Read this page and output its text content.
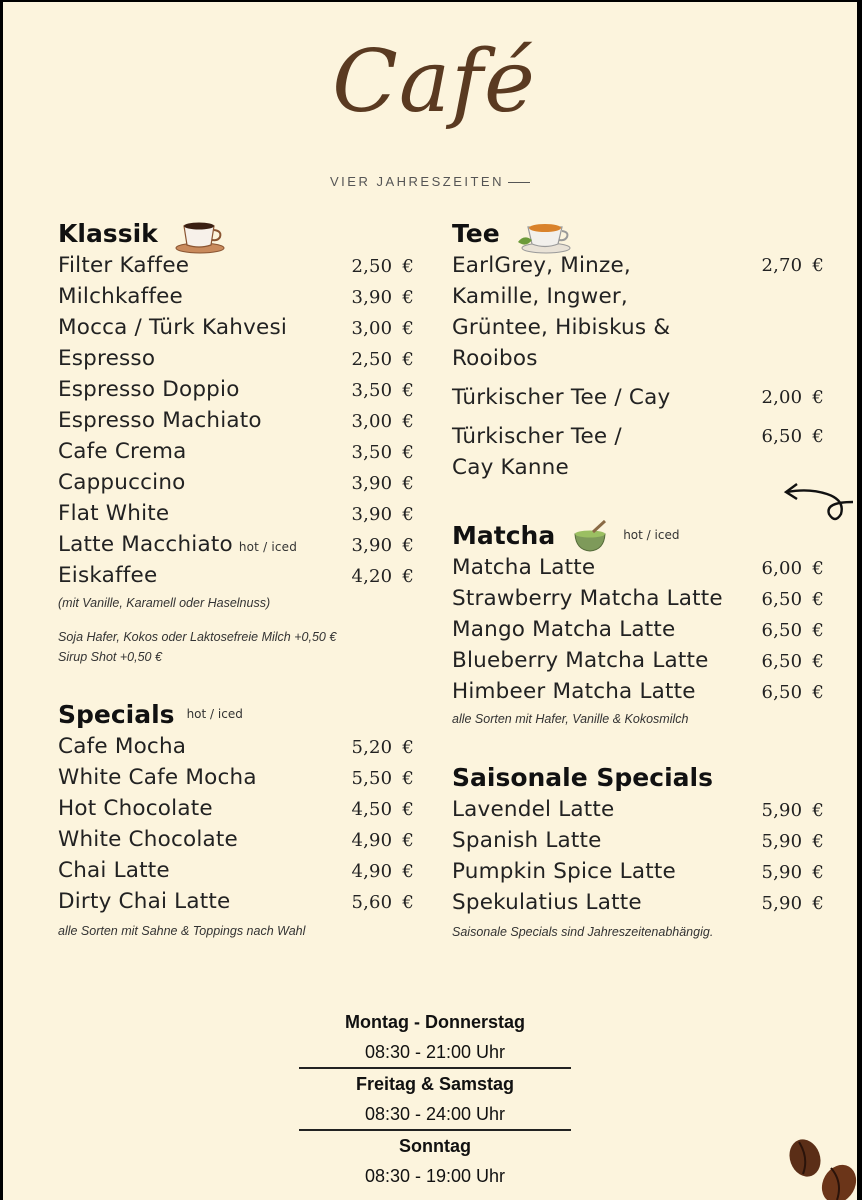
Café
VIER JAHRESZEITEN
Klassik
Filter Kaffee	2,50 €
Milchkaffee	3,90 €
Mocca / Türk Kahvesi	3,00 €
Espresso	2,50 €
Espresso Doppio	3,50 €
Espresso Machiato	3,00 €
Cafe Crema	3,50 €
Cappuccino	3,90 €
Flat White	3,90 €
Latte Macchiato hot / iced	3,90 €
Eiskaffee	4,20 €
(mit Vanille, Karamell oder Haselnuss)
Soja Hafer, Kokos oder Laktosefreie Milch +0,50 €
Sirup Shot +0,50 €
Specials hot / iced
Cafe Mocha	5,20 €
White Cafe Mocha	5,50 €
Hot Chocolate	4,50 €
White Chocolate	4,90 €
Chai Latte	4,90 €
Dirty Chai Latte	5,60 €
alle Sorten mit Sahne & Toppings nach Wahl
Tee
EarlGrey, Minze,
Kamille, Ingwer,
Grüntee, Hibiskus &
Rooibos
2,70 €
Türkischer Tee / Cay	2,00 €
Türkischer Tee /
Cay Kanne
6,50 €
Matcha	hot / iced
Matcha Latte	6,00 €
Strawberry Matcha Latte 6,50 €
Mango Matcha Latte	6,50 €
Blueberry Matcha Latte	6,50 €
Himbeer Matcha Latte	6,50 €
alle Sorten mit Hafer, Vanille & Kokosmilch
Saisonale Specials
Lavendel Latte	5,90 €
Spanish Latte	5,90 €
Pumpkin Spice Latte	5,90 €
Spekulatius Latte	5,90 €
Saisonale Specials sind Jahreszeitenabhängig.
Montag - Donnerstag
08:30 - 21:00 Uhr
Freitag & Samstag
08:30 - 24:00 Uhr
Sonntag
08:30 - 19:00 Uhr
